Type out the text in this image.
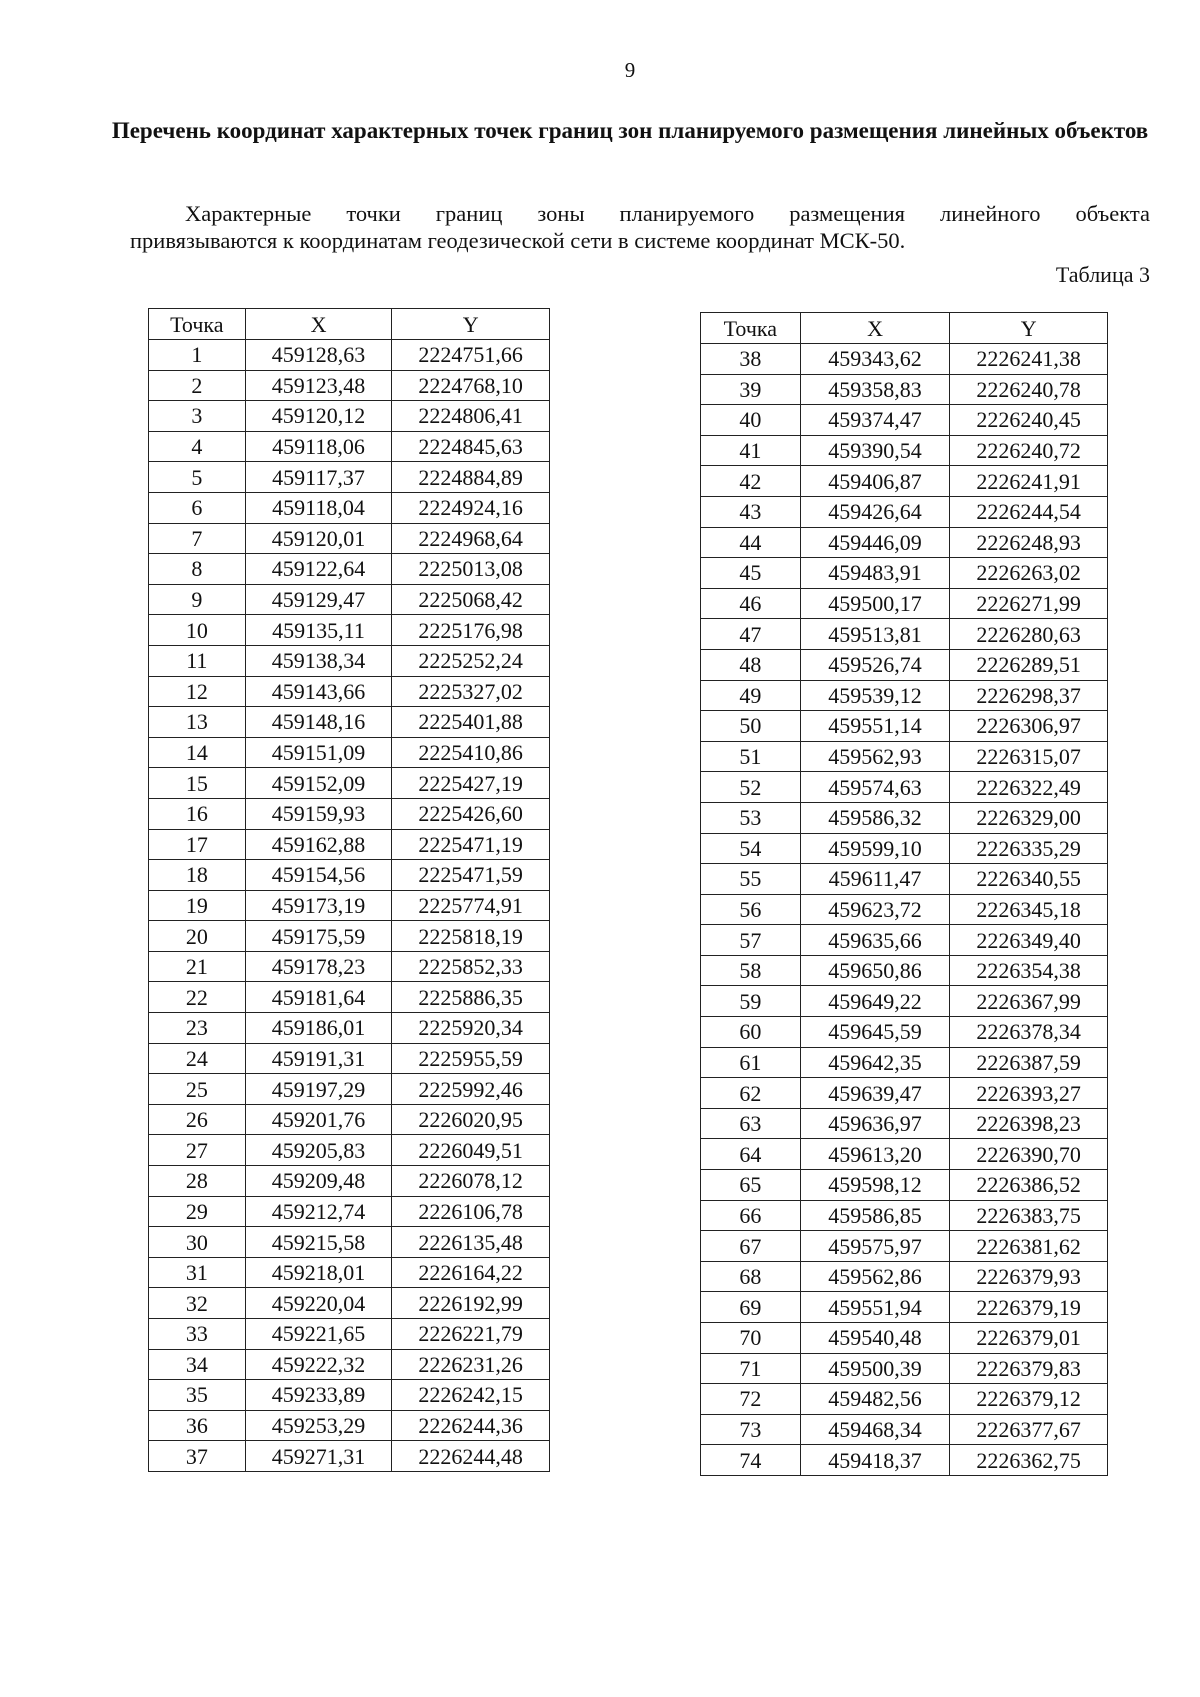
9
Перечень координат характерных точек границ зон планируемого размещения линейных объектов
Характерные точки границ зоны планируемого размещения линейного объекта
привязываются к координатам геодезической сети в системе координат МСК-50.
Таблица 3
Точка	X	Y
1	459128,63	2224751,66
2	459123,48	2224768,10
3	459120,12	2224806,41
4	459118,06	2224845,63
5	459117,37	2224884,89
6	459118,04	2224924,16
7	459120,01	2224968,64
8	459122,64	2225013,08
9	459129,47	2225068,42
10	459135,11	2225176,98
11	459138,34	2225252,24
12	459143,66	2225327,02
13	459148,16	2225401,88
14	459151,09	2225410,86
15	459152,09	2225427,19
16	459159,93	2225426,60
17	459162,88	2225471,19
18	459154,56	2225471,59
19	459173,19	2225774,91
20	459175,59	2225818,19
21	459178,23	2225852,33
22	459181,64	2225886,35
23	459186,01	2225920,34
24	459191,31	2225955,59
25	459197,29	2225992,46
26	459201,76	2226020,95
27	459205,83	2226049,51
28	459209,48	2226078,12
29	459212,74	2226106,78
30	459215,58	2226135,48
31	459218,01	2226164,22
32	459220,04	2226192,99
33	459221,65	2226221,79
34	459222,32	2226231,26
35	459233,89	2226242,15
36	459253,29	2226244,36
37	459271,31	2226244,48
Точка	X	Y
38	459343,62	2226241,38
39	459358,83	2226240,78
40	459374,47	2226240,45
41	459390,54	2226240,72
42	459406,87	2226241,91
43	459426,64	2226244,54
44	459446,09	2226248,93
45	459483,91	2226263,02
46	459500,17	2226271,99
47	459513,81	2226280,63
48	459526,74	2226289,51
49	459539,12	2226298,37
50	459551,14	2226306,97
51	459562,93	2226315,07
52	459574,63	2226322,49
53	459586,32	2226329,00
54	459599,10	2226335,29
55	459611,47	2226340,55
56	459623,72	2226345,18
57	459635,66	2226349,40
58	459650,86	2226354,38
59	459649,22	2226367,99
60	459645,59	2226378,34
61	459642,35	2226387,59
62	459639,47	2226393,27
63	459636,97	2226398,23
64	459613,20	2226390,70
65	459598,12	2226386,52
66	459586,85	2226383,75
67	459575,97	2226381,62
68	459562,86	2226379,93
69	459551,94	2226379,19
70	459540,48	2226379,01
71	459500,39	2226379,83
72	459482,56	2226379,12
73	459468,34	2226377,67
74	459418,37	2226362,75
